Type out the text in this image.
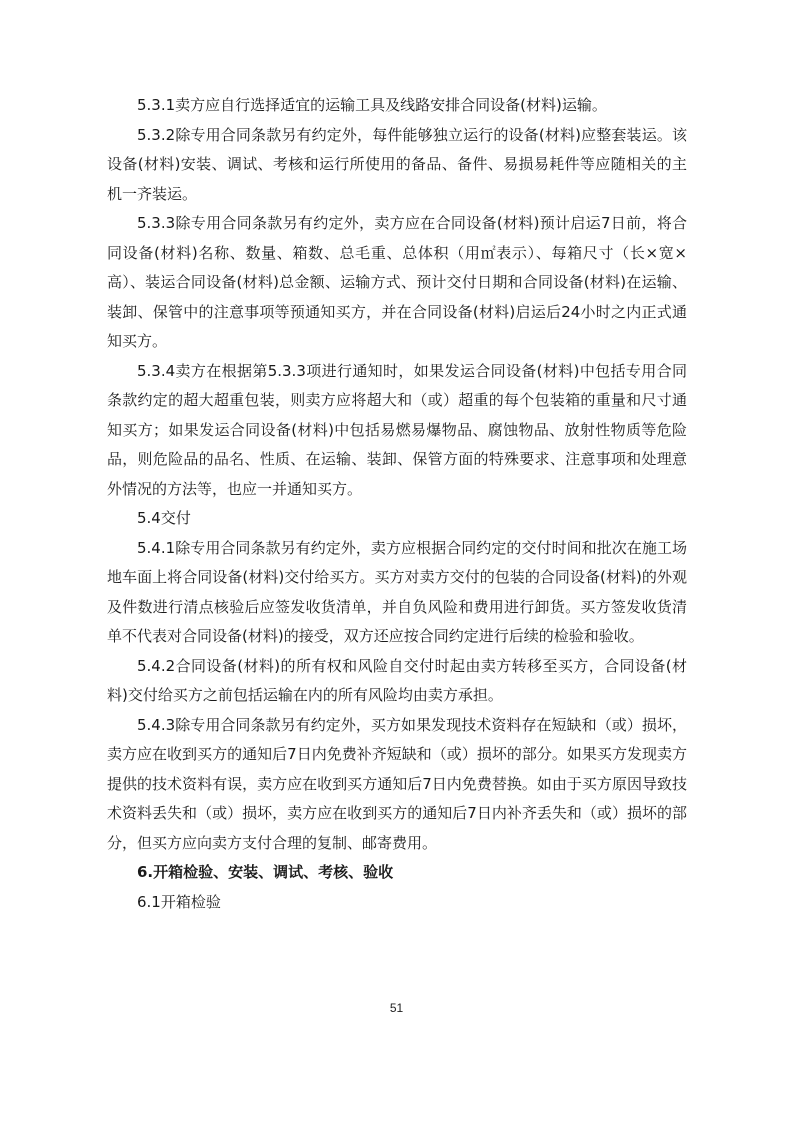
5.3.1卖方应自行选择适宜的运输工具及线路安排合同设备(材料)运输。

5.3.2除专用合同条款另有约定外，每件能够独立运行的设备(材料)应整套装运。该设备(材料)安装、调试、考核和运行所使用的备品、备件、易损易耗件等应随相关的主机一齐装运。

5.3.3除专用合同条款另有约定外，卖方应在合同设备(材料)预计启运7日前，将合同设备(材料)名称、数量、箱数、总毛重、总体积（用㎡表示）、每箱尺寸（长×宽×高）、装运合同设备(材料)总金额、运输方式、预计交付日期和合同设备(材料)在运输、装卸、保管中的注意事项等预通知买方，并在合同设备(材料)启运后24小时之内正式通知买方。

5.3.4卖方在根据第5.3.3项进行通知时，如果发运合同设备(材料)中包括专用合同条款约定的超大超重包装，则卖方应将超大和（或）超重的每个包装箱的重量和尺寸通知买方；如果发运合同设备(材料)中包括易燃易爆物品、腐蚀物品、放射性物质等危险品，则危险品的品名、性质、在运输、装卸、保管方面的特殊要求、注意事项和处理意外情况的方法等，也应一并通知买方。

5.4交付

5.4.1除专用合同条款另有约定外，卖方应根据合同约定的交付时间和批次在施工场地车面上将合同设备(材料)交付给买方。买方对卖方交付的包装的合同设备(材料)的外观及件数进行清点核验后应签发收货清单，并自负风险和费用进行卸货。买方签发收货清单不代表对合同设备(材料)的接受，双方还应按合同约定进行后续的检验和验收。

5.4.2合同设备(材料)的所有权和风险自交付时起由卖方转移至买方，合同设备(材料)交付给买方之前包括运输在内的所有风险均由卖方承担。

5.4.3除专用合同条款另有约定外，买方如果发现技术资料存在短缺和（或）损坏，卖方应在收到买方的通知后7日内免费补齐短缺和（或）损坏的部分。如果买方发现卖方提供的技术资料有误，卖方应在收到买方通知后7日内免费替换。如由于买方原因导致技术资料丢失和（或）损坏，卖方应在收到买方的通知后7日内补齐丢失和（或）损坏的部分，但买方应向卖方支付合理的复制、邮寄费用。

6.开箱检验、安装、调试、考核、验收

6.1开箱检验

51
